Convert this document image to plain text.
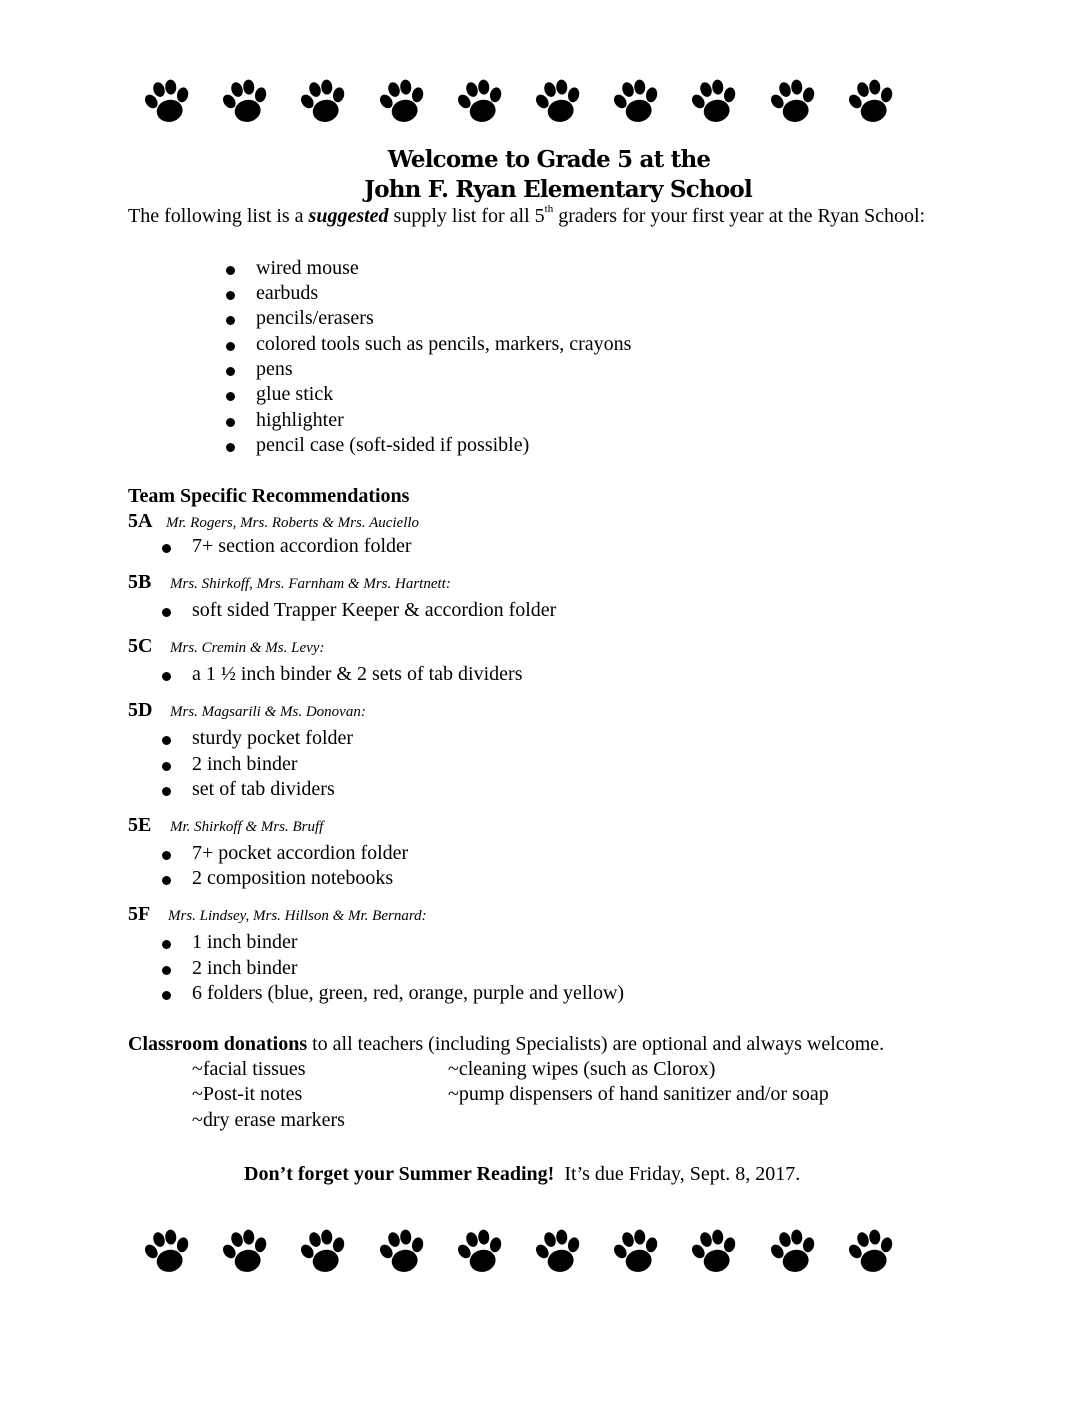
Welcome to Grade 5 at the
John F. Ryan Elementary School
The following list is a suggested supply list for all 5th graders for your first year at the Ryan School:
wired mouse
earbuds
pencils/erasers
colored tools such as pencils, markers, crayons
pens
glue stick
highlighter
pencil case (soft-sided if possible)
Team Specific Recommendations
5A Mr. Rogers, Mrs. Roberts & Mrs. Auciello
7+ section accordion folder
5B Mrs. Shirkoff, Mrs. Farnham & Mrs. Hartnett:
soft sided Trapper Keeper & accordion folder
5C Mrs. Cremin & Ms. Levy:
a 1 ½ inch binder & 2 sets of tab dividers
5D Mrs. Magsarili & Ms. Donovan:
sturdy pocket folder
2 inch binder
set of tab dividers
5E Mr. Shirkoff & Mrs. Bruff
7+ pocket accordion folder
2 composition notebooks
5F Mrs. Lindsey, Mrs. Hillson & Mr. Bernard:
1 inch binder
2 inch binder
6 folders (blue, green, red, orange, purple and yellow)
Classroom donations to all teachers (including Specialists) are optional and always welcome.
~facial tissues
~Post-it notes
~dry erase markers
~cleaning wipes (such as Clorox)
~pump dispensers of hand sanitizer and/or soap
Don’t forget your Summer Reading!  It’s due Friday, Sept. 8, 2017.
